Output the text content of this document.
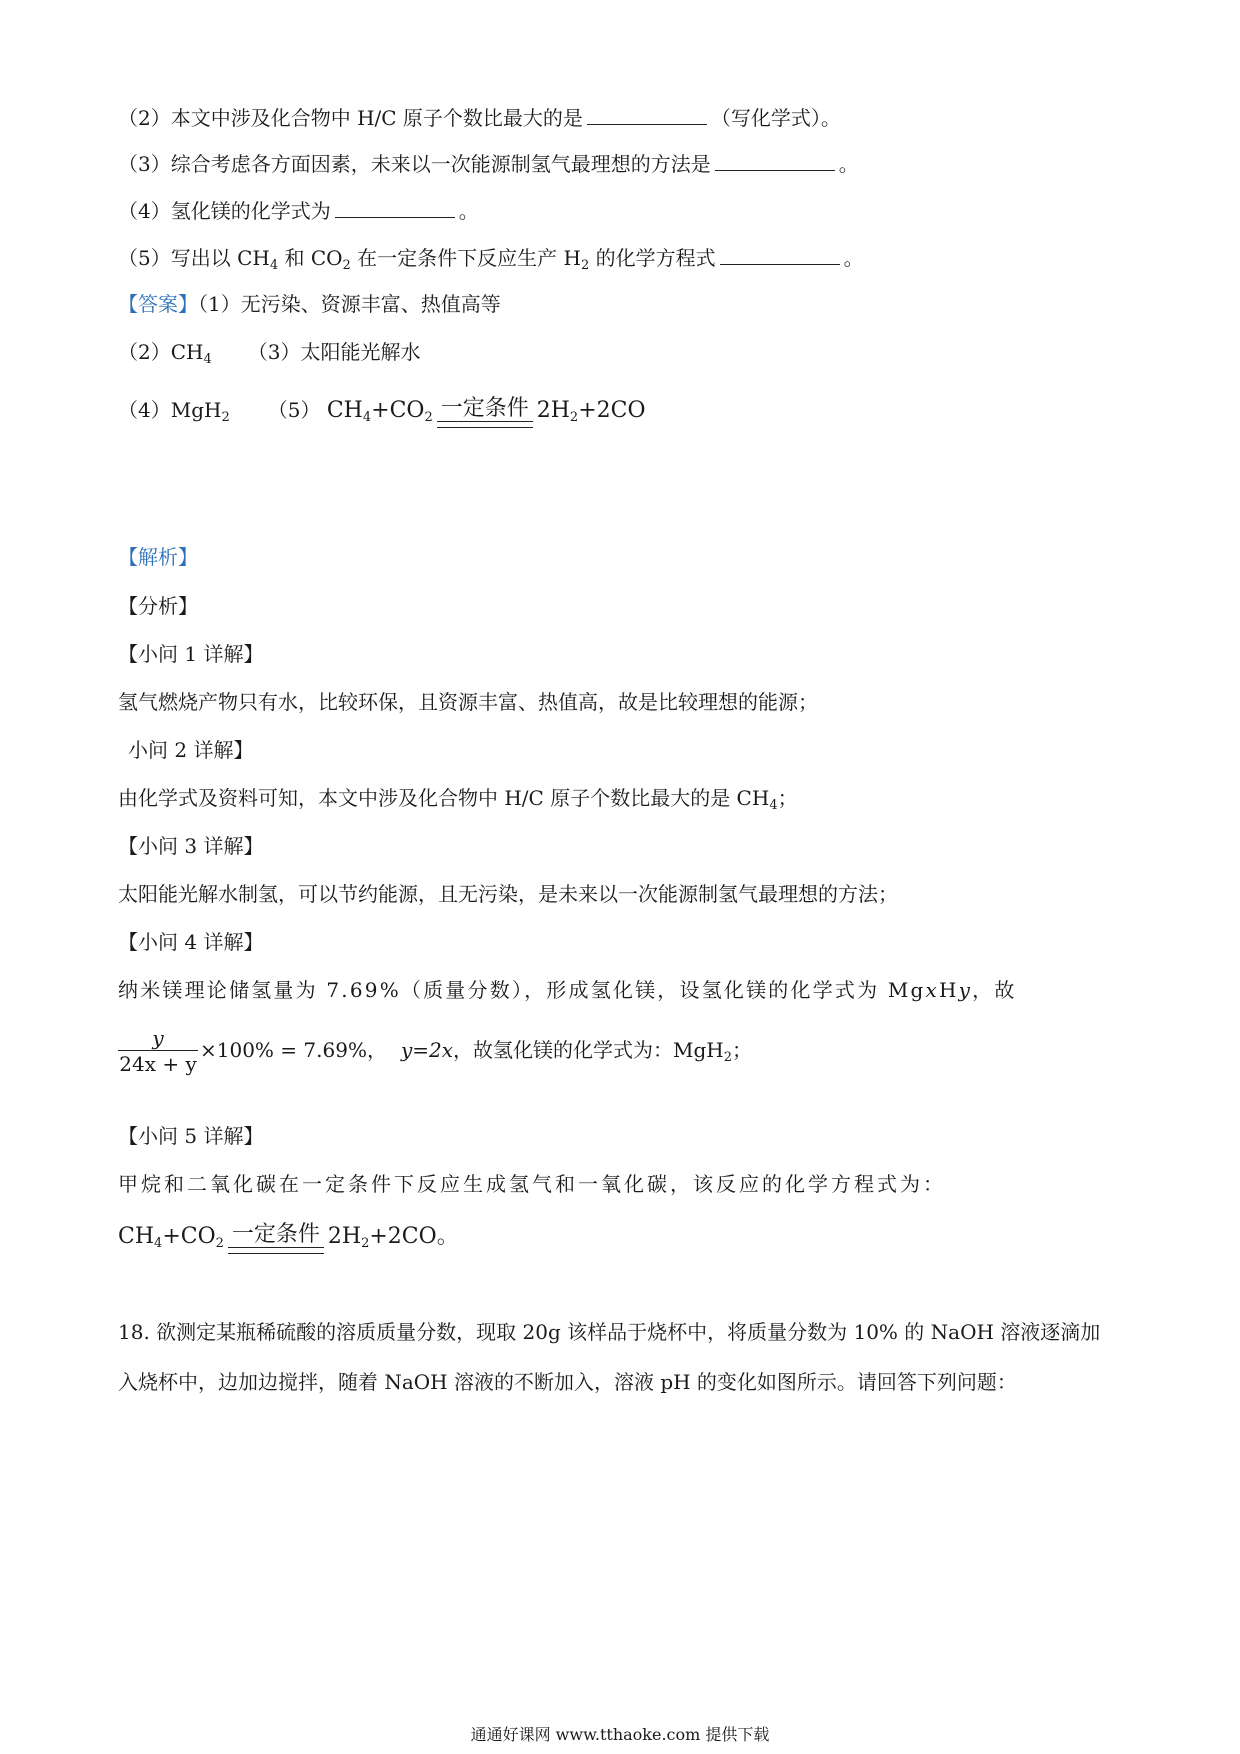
（2）本文中涉及化合物中 H/C 原子个数比最大的是	（写化学式）。
（3）综合考虑各方面因素，未来以一次能源制氢气最理想的方法是	。
（4）氢化镁的化学式为	。
（5）写出以 $CH_4$ 和 $CO_2$ 在一定条件下反应生产 $H_2$ 的化学方程式	。
【答案】（1）无污染、资源丰富、热值高等
$(2)CH_4$ （3）太阳能光解水
（4）MgH$_2$ （5） $CH_4+CO_2$ 一定条件 $2H_2+2CO$
【解析】
【分析】
【小问 1 详解】
氢气燃烧产物只有水，比较环保，且资源丰富、热值高，故是比较理想的能源；
小问 2 详解】
由化学式及资料可知，本文中涉及化合物中 H/C 原子个数比最大的是 $CH_4$；
【小问 3 详解】
太阳能光解水制氢，可以节约能源，且无污染，是未来以一次能源制氢气最理想的方法；
【小问 4 详解】
纳米镁理论储氢量为 7.69%（质量分数），形成氢化镁，设氢化镁的化学式为 MgxHy，故
$\frac{y}{24x + y} \times 100\% = 7.69\%$， y=2x，故氢化镁的化学式为：MgH$_2$；
【小问 5 详解】
甲烷和二氧化碳在一定条件下反应生成氢气和一氧化碳，该反应的化学方程式为：
$CH_4+CO_2$ 一定条件 $2H_2+2CO$。
18. 欲测定某瓶稀硫酸的溶质质量分数，现取 20g 该样品于烧杯中，将质量分数为 10% 的 NaOH 溶液逐滴加
入烧杯中，边加边搅拌，随着 NaOH 溶液的不断加入，溶液 pH 的变化如图所示。请回答下列问题：
通通好课网 www.tthaoke.com 提供下载
